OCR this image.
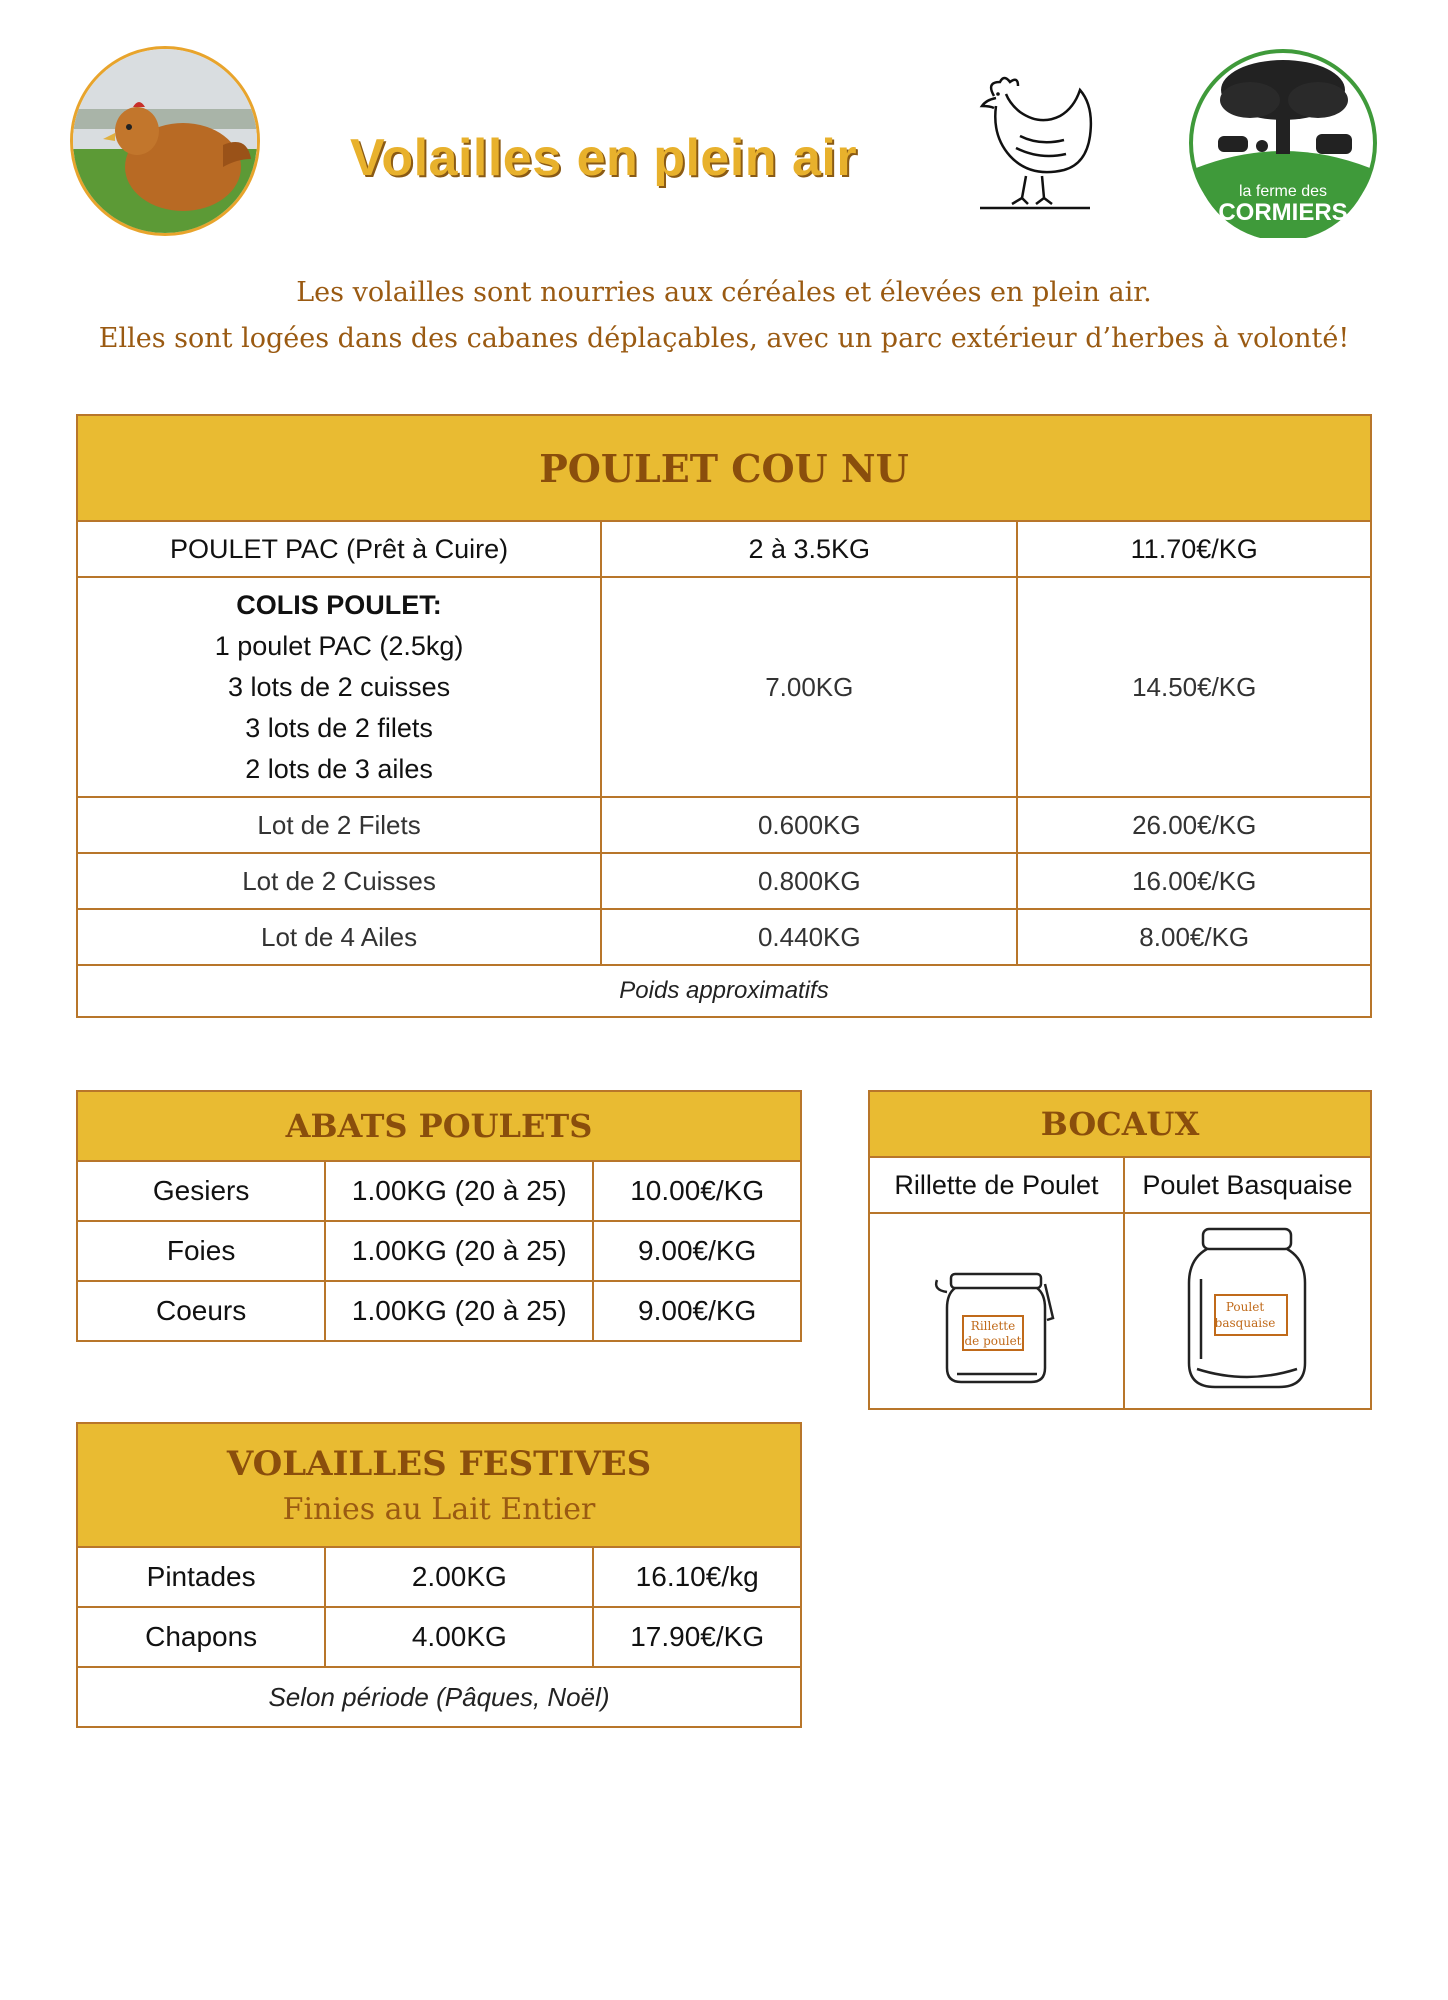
Volailles en plein air
la ferme des
CORMIERS
Les volailles sont nourries aux céréales et élevées en plein air.
Elles sont logées dans des cabanes déplaçables, avec un parc extérieur d’herbes à volonté!
POULET COU NU		
POULET PAC (Prêt à Cuire)	2 à 3.5KG	11.70€/KG

COLIS POULET:
1 poulet PAC (2.5kg)
3 lots de 2 cuisses
3 lots de 2 filets
2 lots de 3 ailes	7.00KG	14.50€/KG
Lot de 2 Filets	0.600KG	26.00€/KG
Lot de 2 Cuisses	0.800KG	16.00€/KG
Lot de 4 Ailes	0.440KG	8.00€/KG
Poids approximatifs		
ABATS POULETS		
Gesiers	1.00KG (20 à 25)	10.00€/KG
Foies	1.00KG (20 à 25)	9.00€/KG
Coeurs	1.00KG (20 à 25)	9.00€/KG
BOCAUX	
Rillette de Poulet	Poulet Basquaise

Rillette
de poulet	Poulet
basquaise
VOLAILLES FESTIVES
Finies au Lait Entier		

Pintades	2.00KG	16.10€/kg
Chapons	4.00KG	17.90€/KG
Selon période (Pâques, Noël)		
